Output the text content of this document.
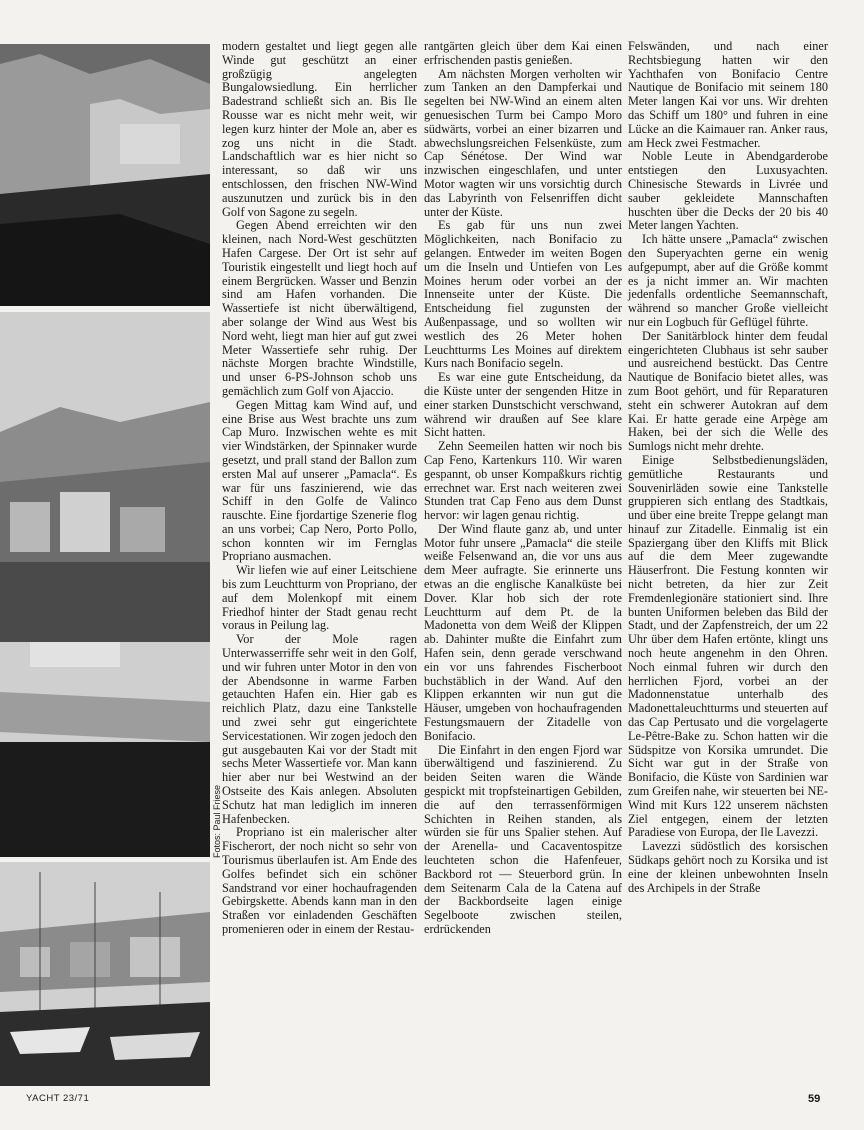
Fotos: Paul Friese

modern gestaltet und liegt gegen alle Winde gut geschützt an einer großzügig angelegten Bungalowsiedlung. Ein herrlicher Badestrand schließt sich an. Bis Ile Rousse war es nicht mehr weit, wir legen kurz hinter der Mole an, aber es zog uns nicht in die Stadt. Landschaftlich war es hier nicht so interessant, so daß wir uns entschlossen, den frischen NW-Wind auszunutzen und zurück bis in den Golf von Sagone zu segeln.

Gegen Abend erreichten wir den kleinen, nach Nord-West geschützten Hafen Cargese. Der Ort ist sehr auf Touristik eingestellt und liegt hoch auf einem Bergrücken. Wasser und Benzin sind am Hafen vorhanden. Die Wassertiefe ist nicht überwältigend, aber solange der Wind aus West bis Nord weht, liegt man hier auf gut zwei Meter Wassertiefe sehr ruhig. Der nächste Morgen brachte Windstille, und unser 6-PS-Johnson schob uns gemächlich zum Golf von Ajaccio.

Gegen Mittag kam Wind auf, und eine Brise aus West brachte uns zum Cap Muro. Inzwischen wehte es mit vier Windstärken, der Spinnaker wurde gesetzt, und prall stand der Ballon zum ersten Mal auf unserer „Pamacla“. Es war für uns faszinierend, wie das Schiff in den Golfe de Valinco rauschte. Eine fjordartige Szenerie flog an uns vorbei; Cap Nero, Porto Pollo, schon konnten wir im Fernglas Propriano ausmachen.

Wir liefen wie auf einer Leitschiene bis zum Leuchtturm von Propriano, der auf dem Molenkopf mit einem Friedhof hinter der Stadt genau recht voraus in Peilung lag.

Vor der Mole ragen Unterwasserriffe sehr weit in den Golf, und wir fuhren unter Motor in den von der Abendsonne in warme Farben getauchten Hafen ein. Hier gab es reichlich Platz, dazu eine Tankstelle und zwei sehr gut eingerichtete Servicestationen. Wir zogen jedoch den gut ausgebauten Kai vor der Stadt mit sechs Meter Wassertiefe vor. Man kann hier aber nur bei Westwind an der Ostseite des Kais anlegen. Absoluten Schutz hat man lediglich im inneren Hafenbecken.

Propriano ist ein malerischer alter Fischerort, der noch nicht so sehr von Tourismus überlaufen ist. Am Ende des Golfes befindet sich ein schöner Sandstrand vor einer hochaufragenden Gebirgskette. Abends kann man in den Straßen vor einladenden Geschäften promenieren oder in einem der Restau-

rantgärten gleich über dem Kai einen erfrischenden pastis genießen.

Am nächsten Morgen verholten wir zum Tanken an den Dampferkai und segelten bei NW-Wind an einem alten genuesischen Turm bei Campo Moro südwärts, vorbei an einer bizarren und abwechslungsreichen Felsenküste, zum Cap Sénétose. Der Wind war inzwischen eingeschlafen, und unter Motor wagten wir uns vorsichtig durch das Labyrinth von Felsenriffen dicht unter der Küste.

Es gab für uns nun zwei Möglichkeiten, nach Bonifacio zu gelangen. Entweder im weiten Bogen um die Inseln und Untiefen von Les Moines herum oder vorbei an der Innenseite unter der Küste. Die Entscheidung fiel zugunsten der Außenpassage, und so wollten wir westlich des 26 Meter hohen Leuchtturms Les Moines auf direktem Kurs nach Bonifacio segeln.

Es war eine gute Entscheidung, da die Küste unter der sengenden Hitze in einer starken Dunstschicht verschwand, während wir draußen auf See klare Sicht hatten.

Zehn Seemeilen hatten wir noch bis Cap Feno, Kartenkurs 110. Wir waren gespannt, ob unser Kompaßkurs richtig errechnet war. Erst nach weiteren zwei Stunden trat Cap Feno aus dem Dunst hervor: wir lagen genau richtig.

Der Wind flaute ganz ab, und unter Motor fuhr unsere „Pamacla“ die steile weiße Felsenwand an, die vor uns aus dem Meer aufragte. Sie erinnerte uns etwas an die englische Kanalküste bei Dover. Klar hob sich der rote Leuchtturm auf dem Pt. de la Madonetta von dem Weiß der Klippen ab. Dahinter mußte die Einfahrt zum Hafen sein, denn gerade verschwand ein vor uns fahrendes Fischerboot buchstäblich in der Wand. Auf den Klippen erkannten wir nun gut die Häuser, umgeben von hochaufragenden Festungsmauern der Zitadelle von Bonifacio.

Die Einfahrt in den engen Fjord war überwältigend und faszinierend. Zu beiden Seiten waren die Wände gespickt mit tropfsteinartigen Gebilden, die auf den terrassenförmigen Schichten in Reihen standen, als würden sie für uns Spalier stehen. Auf der Arenella- und Cacaventospitze leuchteten schon die Hafenfeuer, Backbord rot — Steuerbord grün. In dem Seitenarm Cala de la Catena auf der Backbordseite lagen einige Segelboote zwischen steilen, erdrückenden

Felswänden, und nach einer Rechtsbiegung hatten wir den Yachthafen von Bonifacio Centre Nautique de Bonifacio mit seinem 180 Meter langen Kai vor uns. Wir drehten das Schiff um 180° und fuhren in eine Lücke an die Kaimauer ran. Anker raus, am Heck zwei Festmacher.

Noble Leute in Abendgarderobe entstiegen den Luxusyachten. Chinesische Stewards in Livrée und sauber gekleidete Mannschaften huschten über die Decks der 20 bis 40 Meter langen Yachten.

Ich hätte unsere „Pamacla“ zwischen den Superyachten gerne ein wenig aufgepumpt, aber auf die Größe kommt es ja nicht immer an. Wir machten jedenfalls ordentliche Seemannschaft, während so mancher Große vielleicht nur ein Logbuch für Geflügel führte.

Der Sanitärblock hinter dem feudal eingerichteten Clubhaus ist sehr sauber und ausreichend bestückt. Das Centre Nautique de Bonifacio bietet alles, was zum Boot gehört, und für Reparaturen steht ein schwerer Autokran auf dem Kai. Er hatte gerade eine Arpège am Haken, bei der sich die Welle des Sumlogs nicht mehr drehte.

Einige Selbstbedienungsläden, gemütliche Restaurants und Souvenirläden sowie eine Tankstelle gruppieren sich entlang des Stadtkais, und über eine breite Treppe gelangt man hinauf zur Zitadelle. Einmalig ist ein Spaziergang über den Kliffs mit Blick auf die dem Meer zugewandte Häuserfront. Die Festung konnten wir nicht betreten, da hier zur Zeit Fremdenlegionäre stationiert sind. Ihre bunten Uniformen beleben das Bild der Stadt, und der Zapfenstreich, der um 22 Uhr über dem Hafen ertönte, klingt uns noch heute angenehm in den Ohren. Noch einmal fuhren wir durch den herrlichen Fjord, vorbei an der Madonnenstatue unterhalb des Madonettaleuchtturms und steuerten auf das Cap Pertusato und die vorgelagerte Le-Pêtre-Bake zu. Schon hatten wir die Südspitze von Korsika umrundet. Die Sicht war gut in der Straße von Bonifacio, die Küste von Sardinien war zum Greifen nahe, wir steuerten bei NE-Wind mit Kurs 122 unserem nächsten Ziel entgegen, einem der letzten Paradiese von Europa, der Ile Lavezzi.

Lavezzi südöstlich des korsischen Südkaps gehört noch zu Korsika und ist eine der kleinen unbewohnten Inseln des Archipels in der Straße

YACHT 23/71	59
